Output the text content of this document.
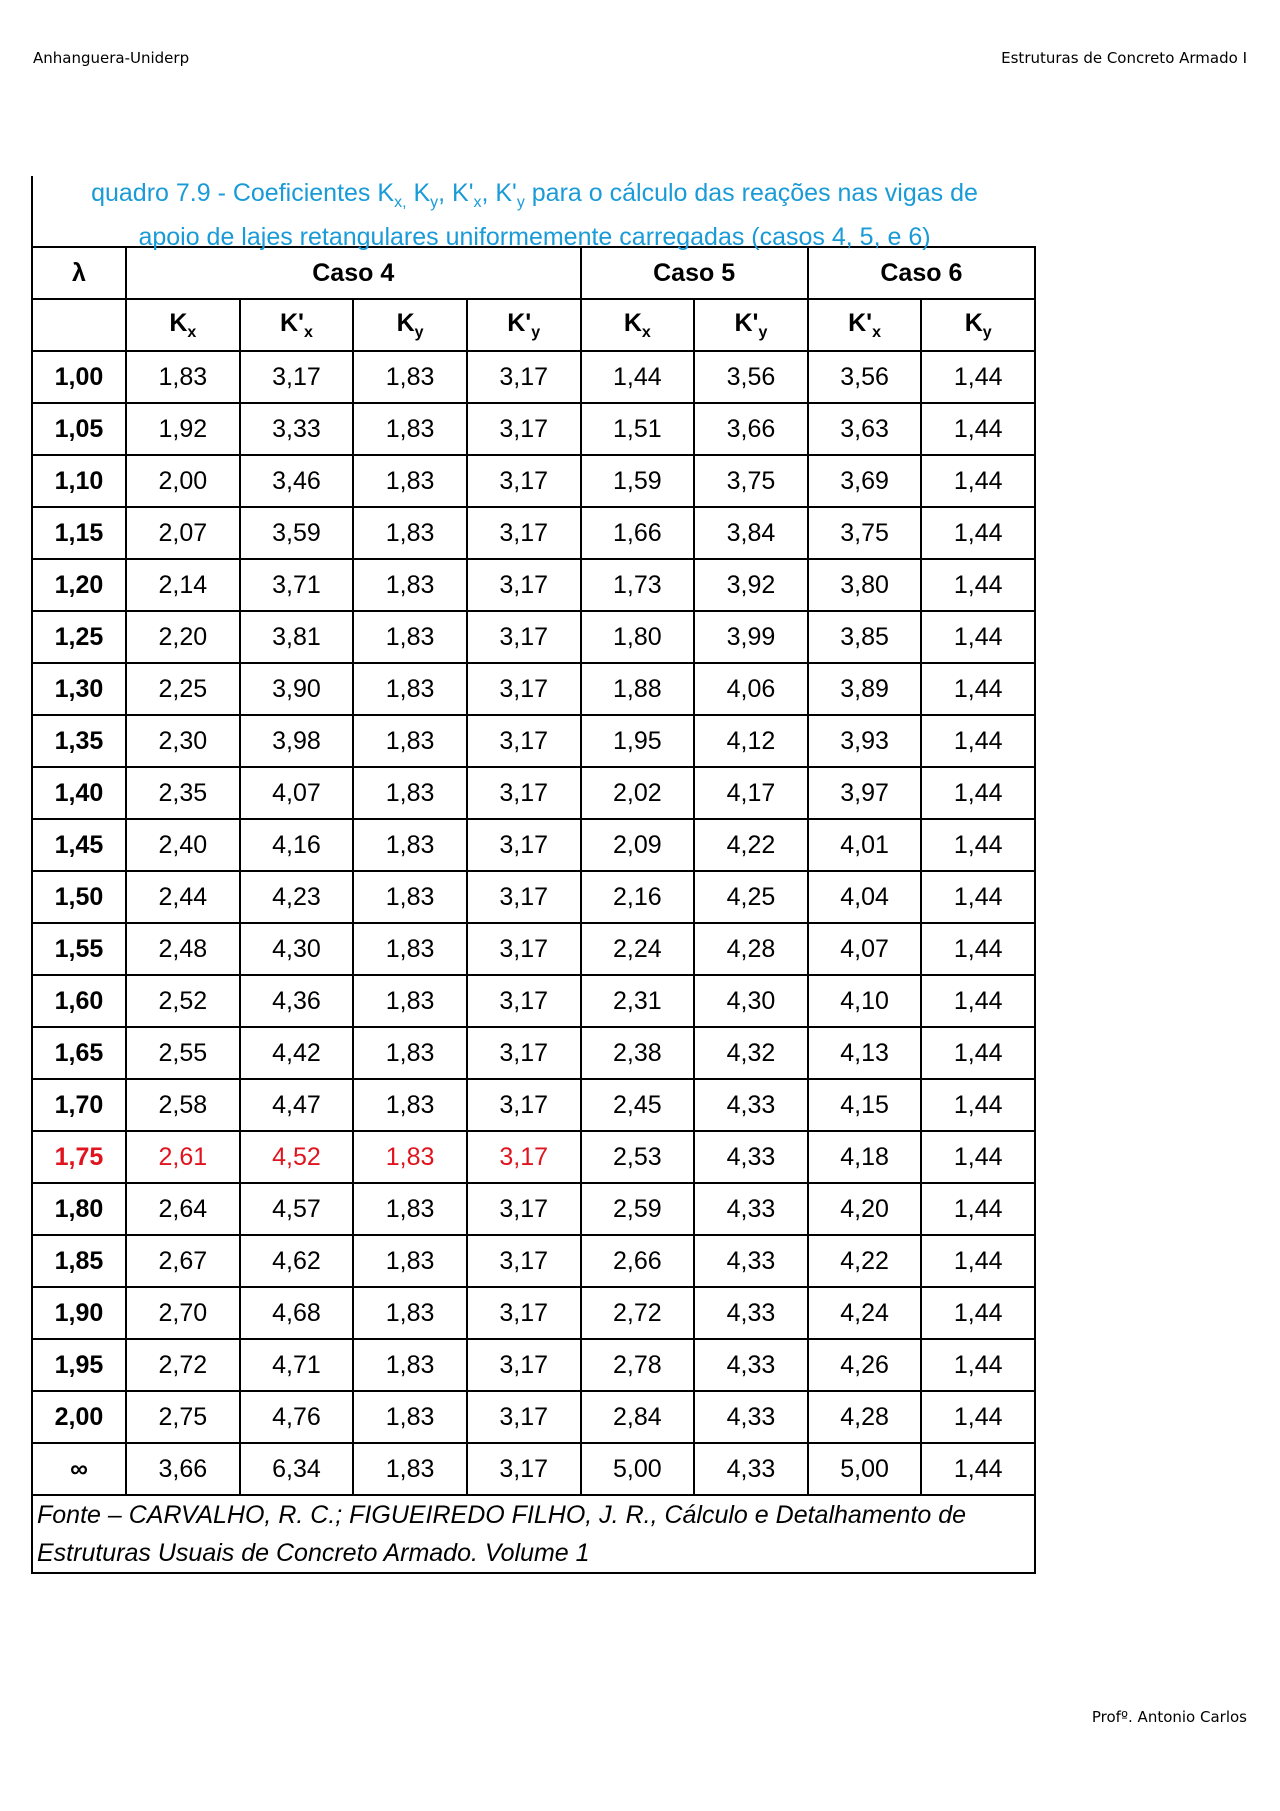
Anhanguera-Uniderp	Estruturas de Concreto Armado I
quadro 7.9 - Coeficientes $K_{x,}$ $K_y$, $K'_x$, $K'_y$ para o cálculo das reações nas vigas de
apoio de lajes retangulares uniformemente carregadas (casos 4, 5, e 6)
λ	Caso 4				Caso 5		Caso 6	
	$K_x$	$K'_x$	$K_y$	$K'_y$	$K_x$	$K'_y$	$K'_x$	$K_y$
1,00	1,83	3,17	1,83	3,17	1,44	3,56	3,56	1,44
1,05	1,92	3,33	1,83	3,17	1,51	3,66	3,63	1,44
1,10	2,00	3,46	1,83	3,17	1,59	3,75	3,69	1,44
1,15	2,07	3,59	1,83	3,17	1,66	3,84	3,75	1,44
1,20	2,14	3,71	1,83	3,17	1,73	3,92	3,80	1,44
1,25	2,20	3,81	1,83	3,17	1,80	3,99	3,85	1,44
1,30	2,25	3,90	1,83	3,17	1,88	4,06	3,89	1,44
1,35	2,30	3,98	1,83	3,17	1,95	4,12	3,93	1,44
1,40	2,35	4,07	1,83	3,17	2,02	4,17	3,97	1,44
1,45	2,40	4,16	1,83	3,17	2,09	4,22	4,01	1,44
1,50	2,44	4,23	1,83	3,17	2,16	4,25	4,04	1,44
1,55	2,48	4,30	1,83	3,17	2,24	4,28	4,07	1,44
1,60	2,52	4,36	1,83	3,17	2,31	4,30	4,10	1,44
1,65	2,55	4,42	1,83	3,17	2,38	4,32	4,13	1,44
1,70	2,58	4,47	1,83	3,17	2,45	4,33	4,15	1,44
1,75	2,61	4,52	1,83	3,17	2,53	4,33	4,18	1,44
1,80	2,64	4,57	1,83	3,17	2,59	4,33	4,20	1,44
1,85	2,67	4,62	1,83	3,17	2,66	4,33	4,22	1,44
1,90	2,70	4,68	1,83	3,17	2,72	4,33	4,24	1,44
1,95	2,72	4,71	1,83	3,17	2,78	4,33	4,26	1,44
2,00	2,75	4,76	1,83	3,17	2,84	4,33	4,28	1,44
∞	3,66	6,34	1,83	3,17	5,00	4,33	5,00	1,44

Fonte – CARVALHO, R. C.; FIGUEIREDO FILHO, J. R., Cálculo e Detalhamento de
Estruturas Usuais de Concreto Armado. Volume 1								
Profº. Antonio Carlos
